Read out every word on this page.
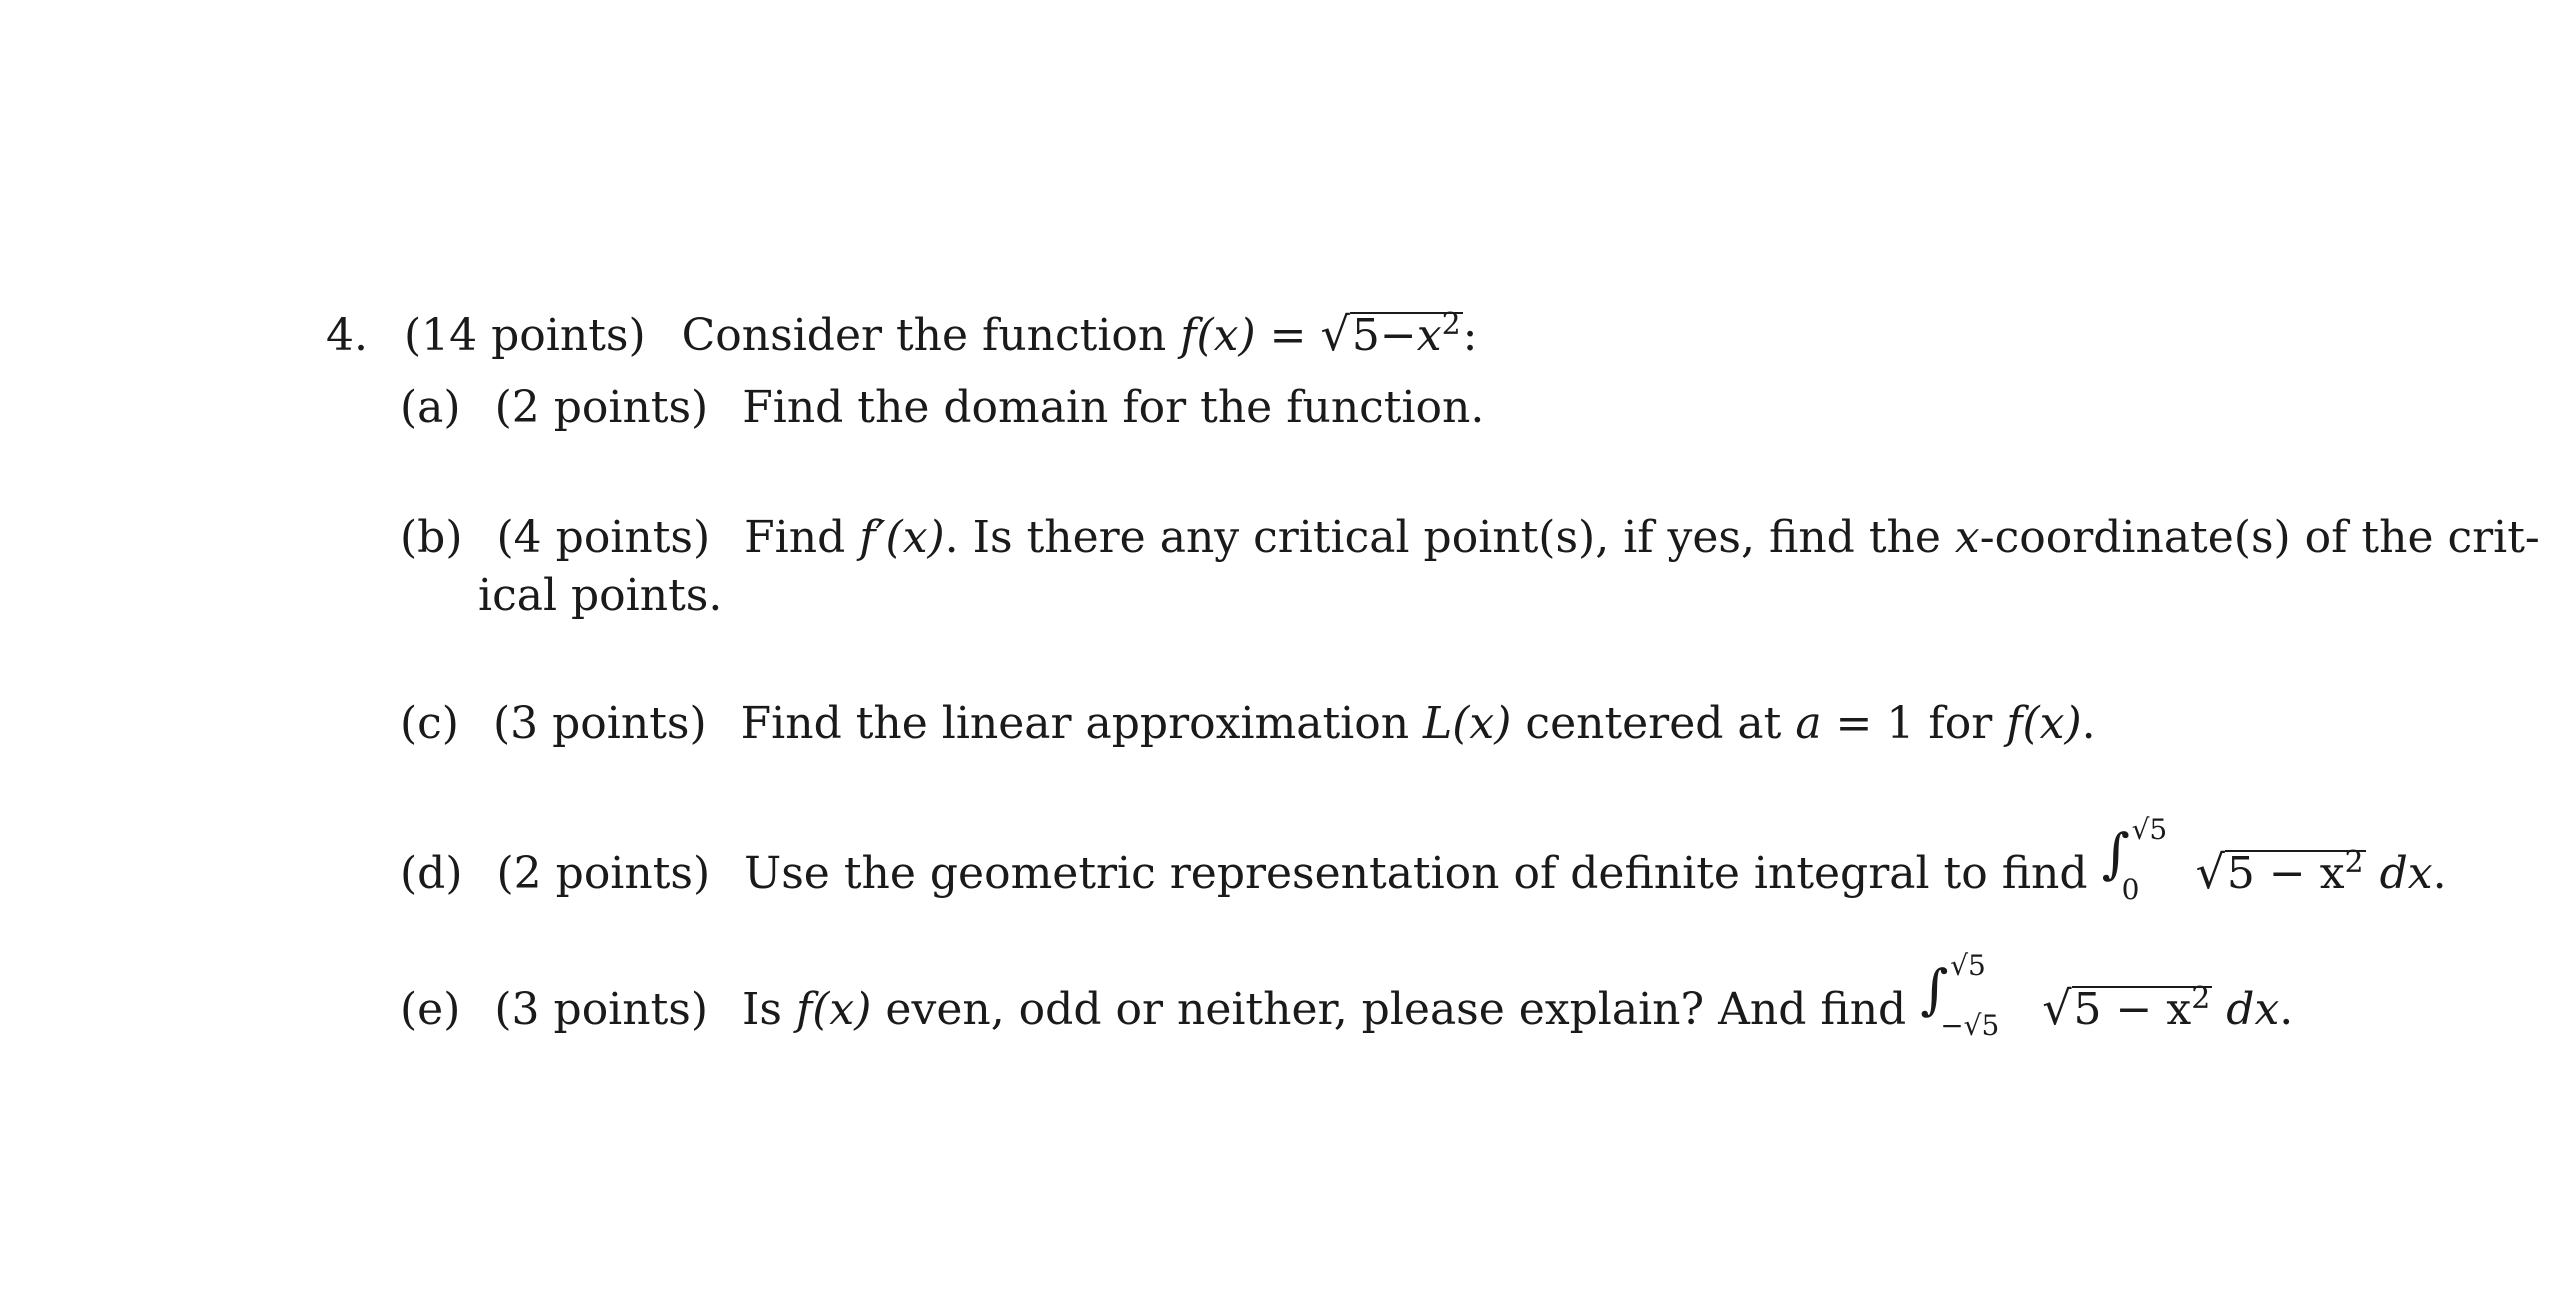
4. (14 points) Consider the function $f(x) = √5-x^2$:
(a) (2 points) Find the domain for the function.
(b) (4 points) Find f′(x). Is there any critical point(s), if yes, find the x-coordinate(s) of the crit-
ical points.
(c) (3 points) Find the linear approximation L(x) centered at a = 1 for f(x).
(d) (2 points) Use the geometric representation of definite integral to find ∫ √5
0 $√5 - x^2$ dx.
(e) (3 points) Is f(x) even, odd or neither, please explain? And find ∫ √5
−√5 $√5 - x^2$ dx.
